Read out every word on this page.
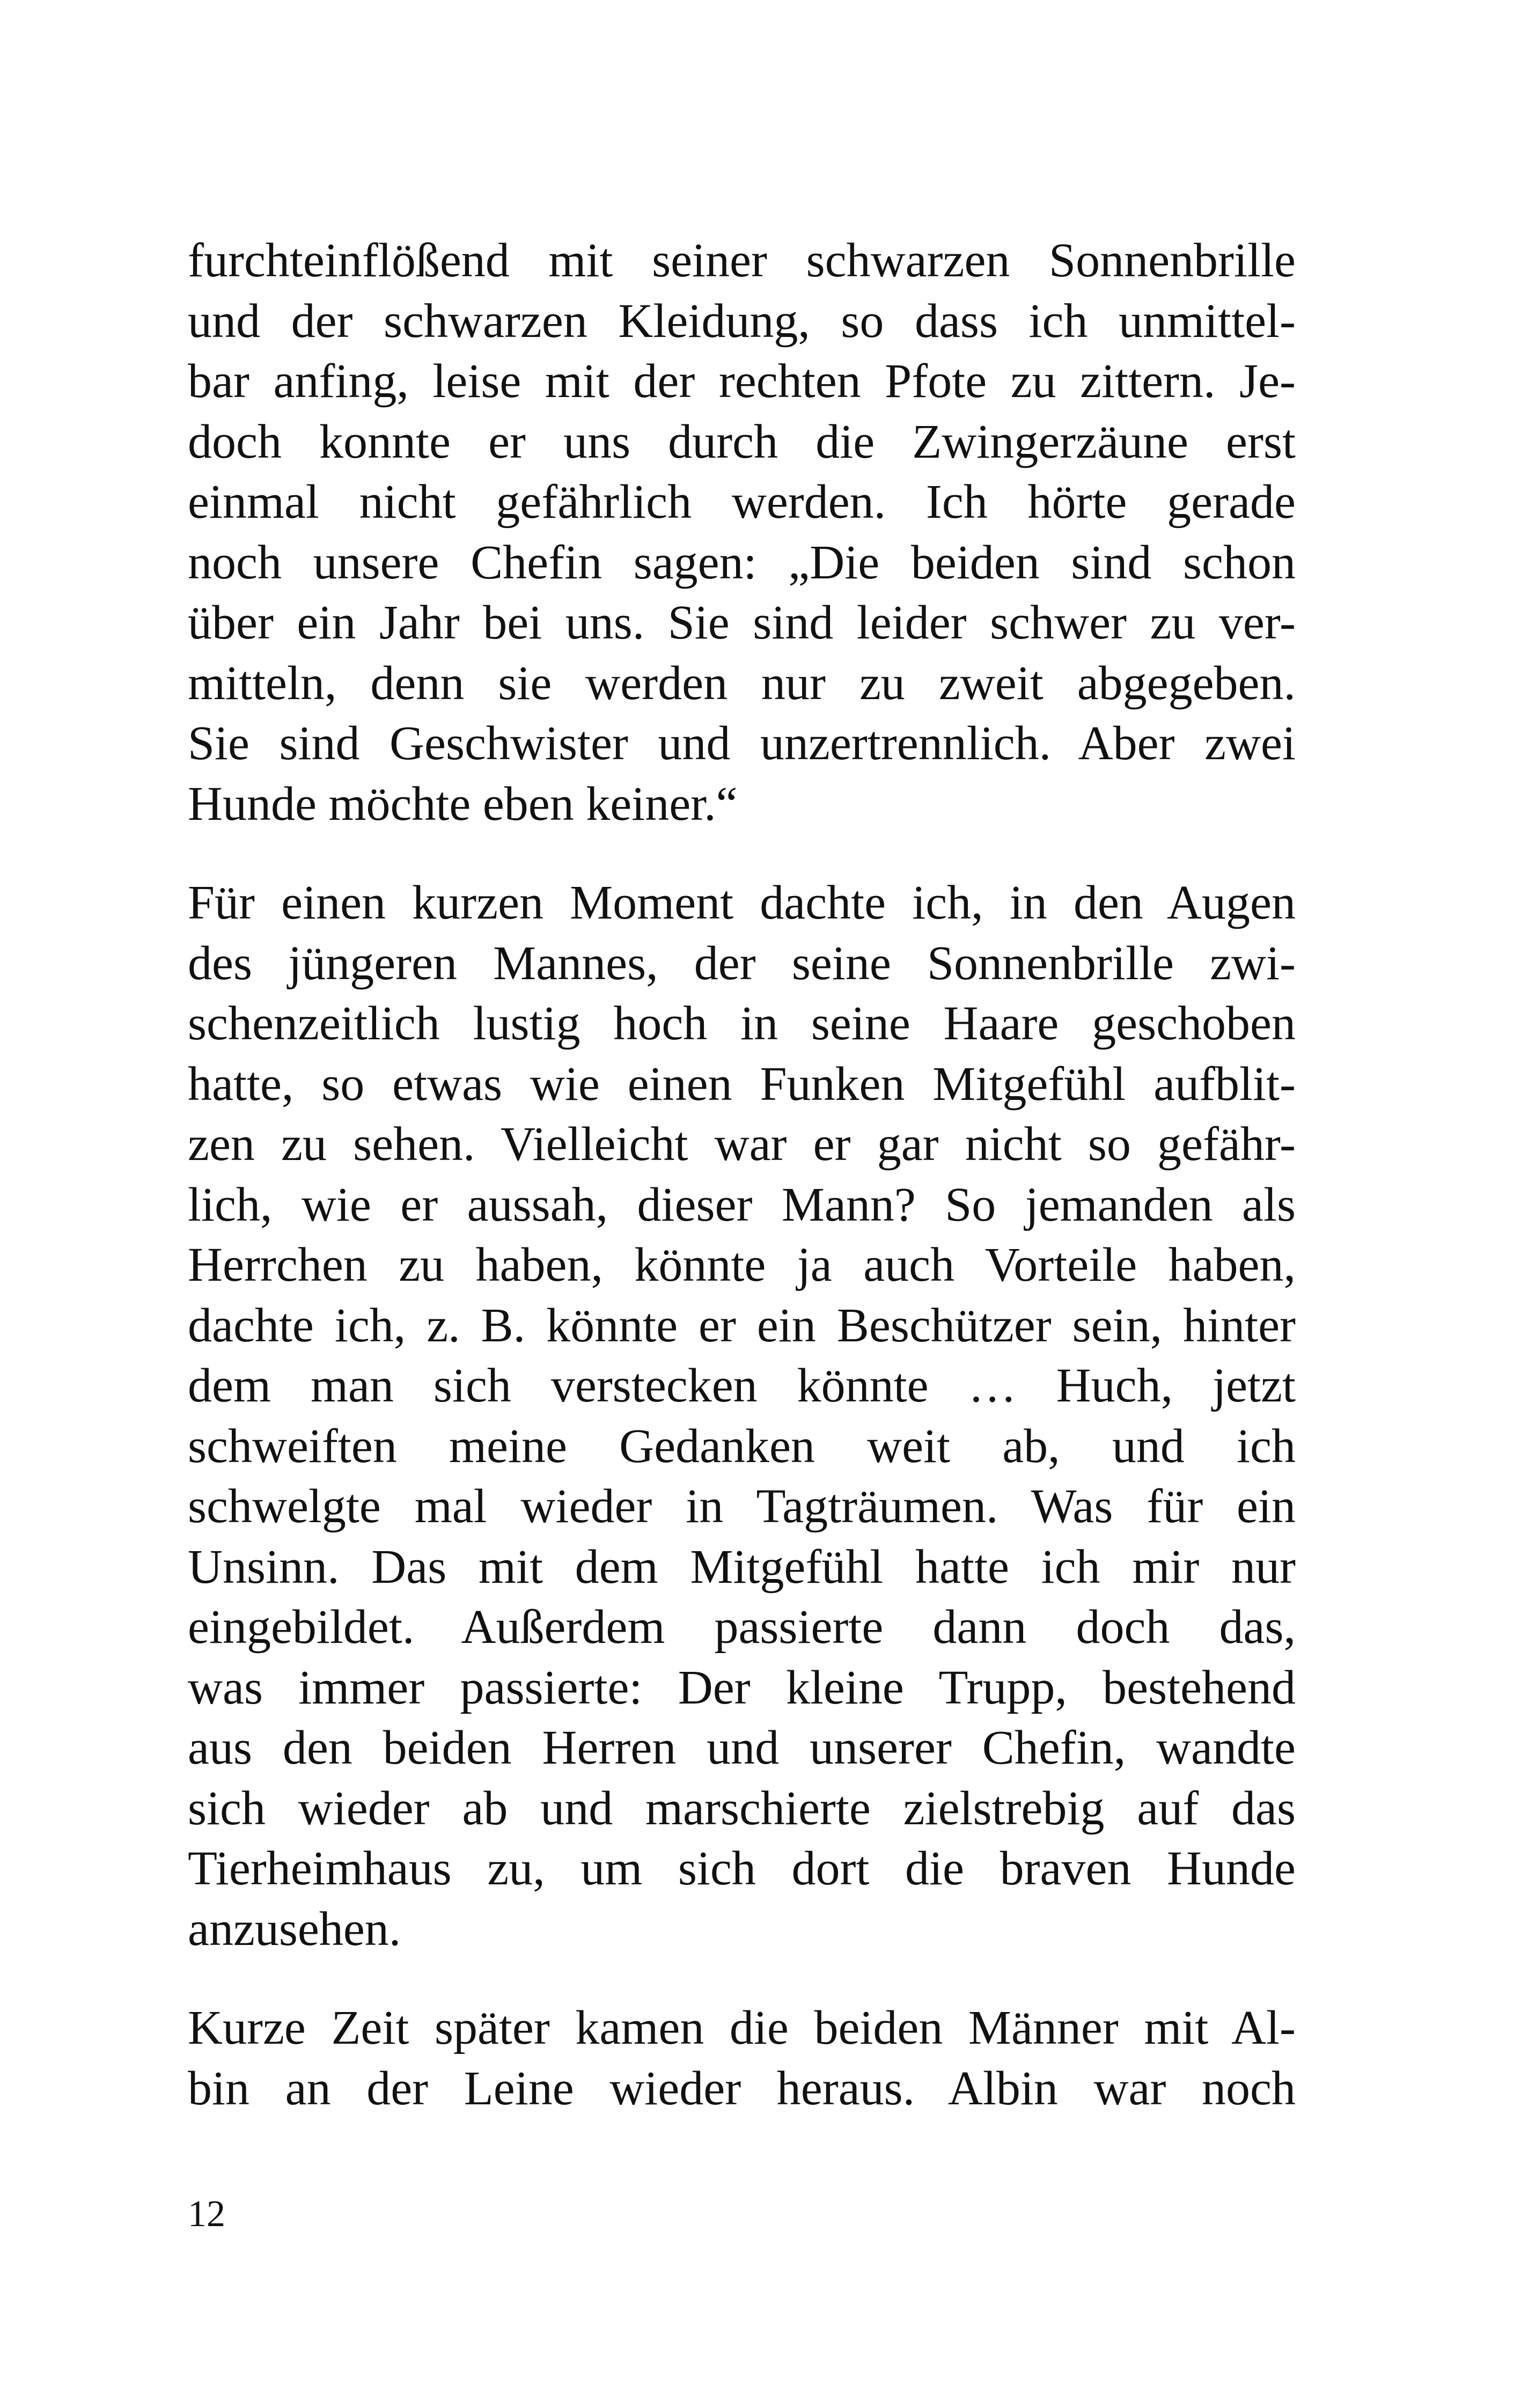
furchteinflößend mit seiner schwarzen Sonnenbrille
und der schwarzen Kleidung, so dass ich unmittel-
bar anfing, leise mit der rechten Pfote zu zittern. Je-
doch konnte er uns durch die Zwingerzäune erst
einmal nicht gefährlich werden. Ich hörte gerade
noch unsere Chefin sagen: „Die beiden sind schon
über ein Jahr bei uns. Sie sind leider schwer zu ver-
mitteln, denn sie werden nur zu zweit abgegeben.
Sie sind Geschwister und unzertrennlich. Aber zwei
Hunde möchte eben keiner.“
Für einen kurzen Moment dachte ich, in den Augen
des jüngeren Mannes, der seine Sonnenbrille zwi-
schenzeitlich lustig hoch in seine Haare geschoben
hatte, so etwas wie einen Funken Mitgefühl aufblit-
zen zu sehen. Vielleicht war er gar nicht so gefähr-
lich, wie er aussah, dieser Mann? So jemanden als
Herrchen zu haben, könnte ja auch Vorteile haben,
dachte ich, z. B. könnte er ein Beschützer sein, hinter
dem man sich verstecken könnte … Huch, jetzt
schweiften meine Gedanken weit ab, und ich
schwelgte mal wieder in Tagträumen. Was für ein
Unsinn. Das mit dem Mitgefühl hatte ich mir nur
eingebildet. Außerdem passierte dann doch das,
was immer passierte: Der kleine Trupp, bestehend
aus den beiden Herren und unserer Chefin, wandte
sich wieder ab und marschierte zielstrebig auf das
Tierheimhaus zu, um sich dort die braven Hunde
anzusehen.
Kurze Zeit später kamen die beiden Männer mit Al-
bin an der Leine wieder heraus. Albin war noch
12
